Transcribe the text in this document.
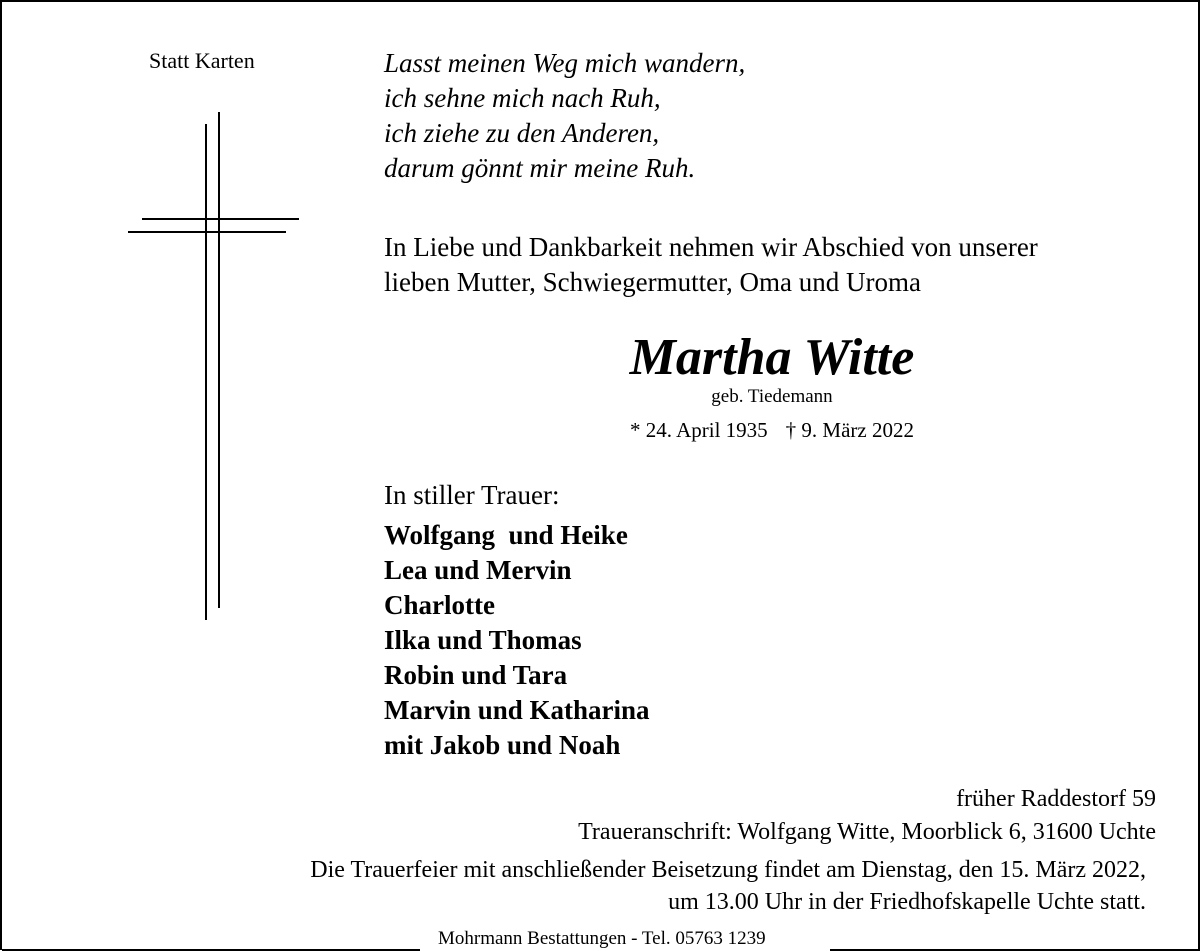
Statt Karten	Lasst meinen Weg mich wandern,
ich sehne mich nach Ruh,
ich ziehe zu den Anderen,
darum gönnt mir meine Ruh.
In Liebe und Dankbarkeit nehmen wir Abschied von unserer
lieben Mutter, Schwiegermutter, Oma und Uroma
Martha Witte
geb. Tiedemann
* 24. April 1935 † 9. März 2022
In stiller Trauer:
Wolfgang  und Heike
Lea und Mervin
Charlotte
Ilka und Thomas
Robin und Tara
Marvin und Katharina
mit Jakob und Noah
früher Raddestorf 59
Traueranschrift: Wolfgang Witte, Moorblick 6, 31600 Uchte
Die Trauerfeier mit anschließender Beisetzung findet am Dienstag, den 15. März 2022,
um 13.00 Uhr in der Friedhofskapelle Uchte statt.
Mohrmann Bestattungen - Tel. 05763 1239
